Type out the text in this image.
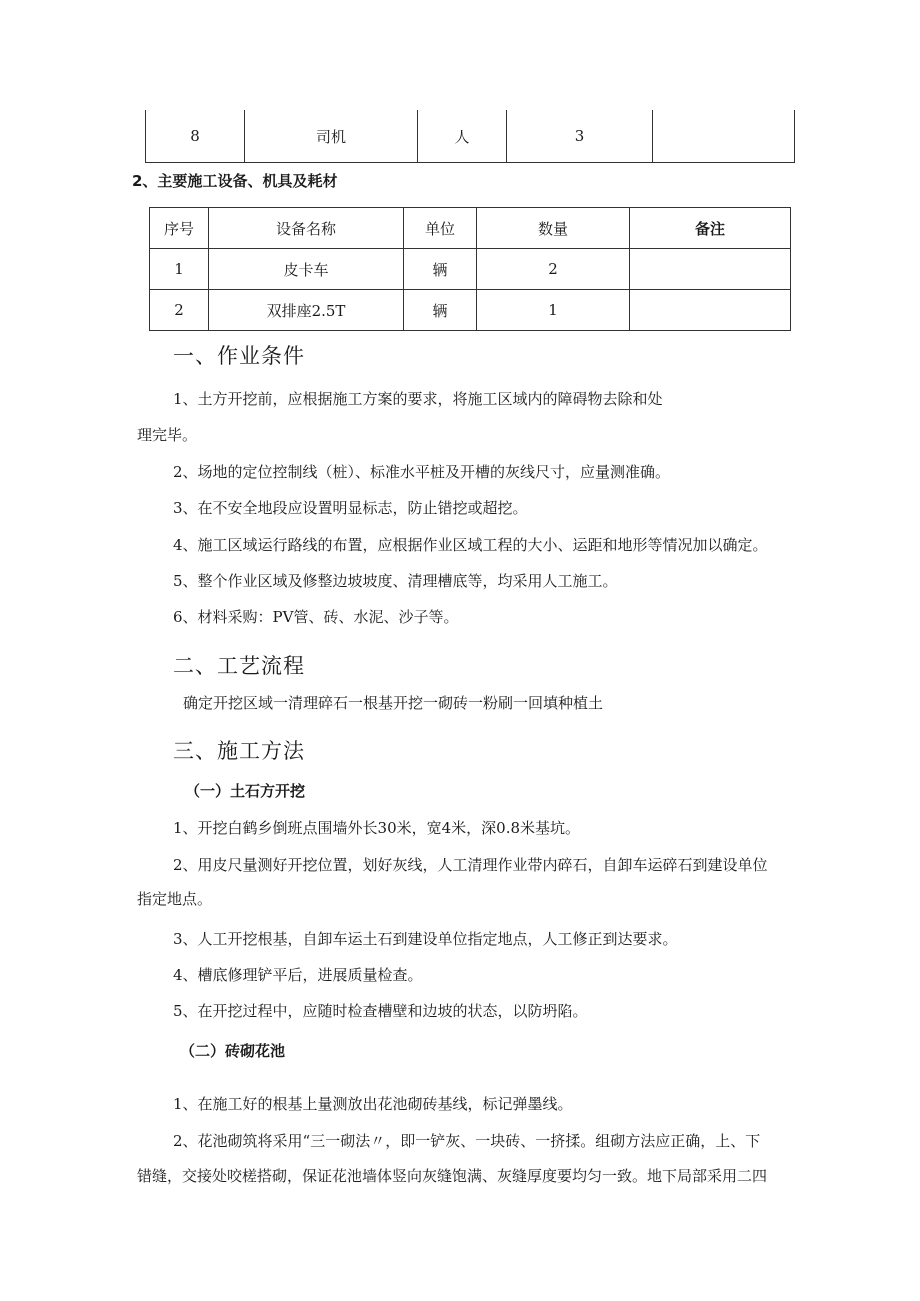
8	司机	人	3	
2、主要施工设备、机具及耗材
序号	设备名称	单位	数量	备注
1	皮卡车	辆	2	
2	双排座2.5T	辆	1	
一、作业条件
1、土方开挖前，应根据施工方案的要求，将施工区域内的障碍物去除和处
理完毕。
2、场地的定位控制线（桩）、标准水平桩及开槽的灰线尺寸，应量测准确。
3、在不安全地段应设置明显标志，防止错挖或超挖。
4、施工区域运行路线的布置，应根据作业区域工程的大小、运距和地形等情况加以确定。
5、整个作业区域及修整边坡坡度、清理槽底等，均采用人工施工。
6、材料采购：PV管、砖、水泥、沙子等。
二、工艺流程
确定开挖区域一清理碎石一根基开挖一砌砖一粉刷一回填种植土
三、施工方法
（一）土石方开挖
1、开挖白鹤乡倒班点围墙外长30米，宽4米，深0.8米基坑。
2、用皮尺量测好开挖位置，划好灰线，人工清理作业带内碎石，自卸车运碎石到建设单位
指定地点。
3、人工开挖根基，自卸车运土石到建设单位指定地点，人工修正到达要求。
4、槽底修理铲平后，进展质量检查。
5、在开挖过程中，应随时检查槽壁和边坡的状态，以防坍陷。
（二）砖砌花池
1、在施工好的根基上量测放出花池砌砖基线，标记弹墨线。
2、花池砌筑将采用“三一砌法〃，即一铲灰、一块砖、一挤揉。组砌方法应正确，上、下
错缝，交接处咬槎搭砌，保证花池墙体竖向灰缝饱满、灰缝厚度要均匀一致。地下局部采用二四
